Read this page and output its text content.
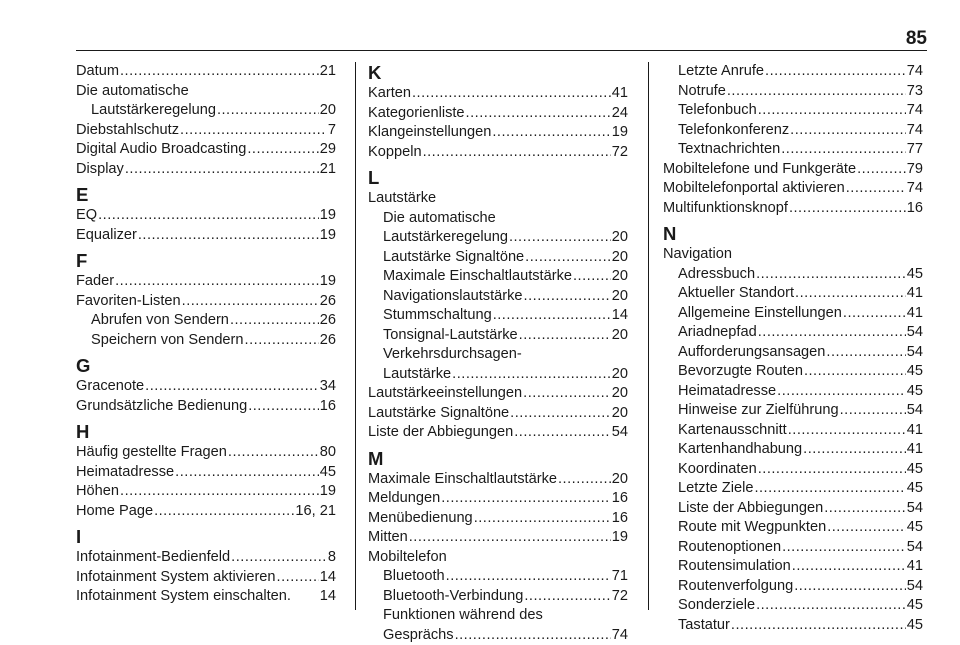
85
Datum .....	21
Die automatische
Lautstärkeregelung .....	20
Diebstahlschutz .....	7
Digital Audio Broadcasting .....	29
Display .....	21
E
EQ .....	19
Equalizer .....	19
F
Fader .....	19
Favoriten-Listen .....	26
Abrufen von Sendern .....	26
Speichern von Sendern .....	26
G
Gracenote .....	34
Grundsätzliche Bedienung .....	16
H
Häufig gestellte Fragen .....	80
Heimatadresse .....	45
Höhen .....	19
Home Page .....	16, 21
I
Infotainment-Bedienfeld .....	8
Infotainment System aktivieren .....	14
Infotainment System einschalten. 14
K
Karten .....	41
Kategorienliste .....	24
Klangeinstellungen .....	19
Koppeln .....	72
L
Lautstärke
Die automatische
Lautstärkeregelung .....	20
Lautstärke Signaltöne .....	20
Maximale Einschaltlautstärke .....	20
Navigationslautstärke .....	20
Stummschaltung .....	14
Tonsignal-Lautstärke .....	20
Verkehrsdurchsagen-
Lautstärke .....	20
Lautstärkeeinstellungen .....	20
Lautstärke Signaltöne .....	20
Liste der Abbiegungen .....	54
M
Maximale Einschaltlautstärke .....	20
Meldungen .....	16
Menübedienung .....	16
Mitten .....	19
Mobiltelefon
Bluetooth .....	71
Bluetooth-Verbindung .....	72
Funktionen während des
Gesprächs .....	74
Letzte Anrufe .....	74
Notrufe .....	73
Telefonbuch .....	74
Telefonkonferenz .....	74
Textnachrichten .....	77
Mobiltelefone und Funkgeräte .....	79
Mobiltelefonportal aktivieren .....	74
Multifunktionsknopf .....	16
N
Navigation
Adressbuch .....	45
Aktueller Standort .....	41
Allgemeine Einstellungen .....	41
Ariadnepfad .....	54
Aufforderungsansagen .....	54
Bevorzugte Routen .....	45
Heimatadresse .....	45
Hinweise zur Zielführung .....	54
Kartenausschnitt .....	41
Kartenhandhabung .....	41
Koordinaten .....	45
Letzte Ziele .....	45
Liste der Abbiegungen .....	54
Route mit Wegpunkten .....	45
Routenoptionen .....	54
Routensimulation .....	41
Routenverfolgung .....	54
Sonderziele .....	45
Tastatur .....	45
